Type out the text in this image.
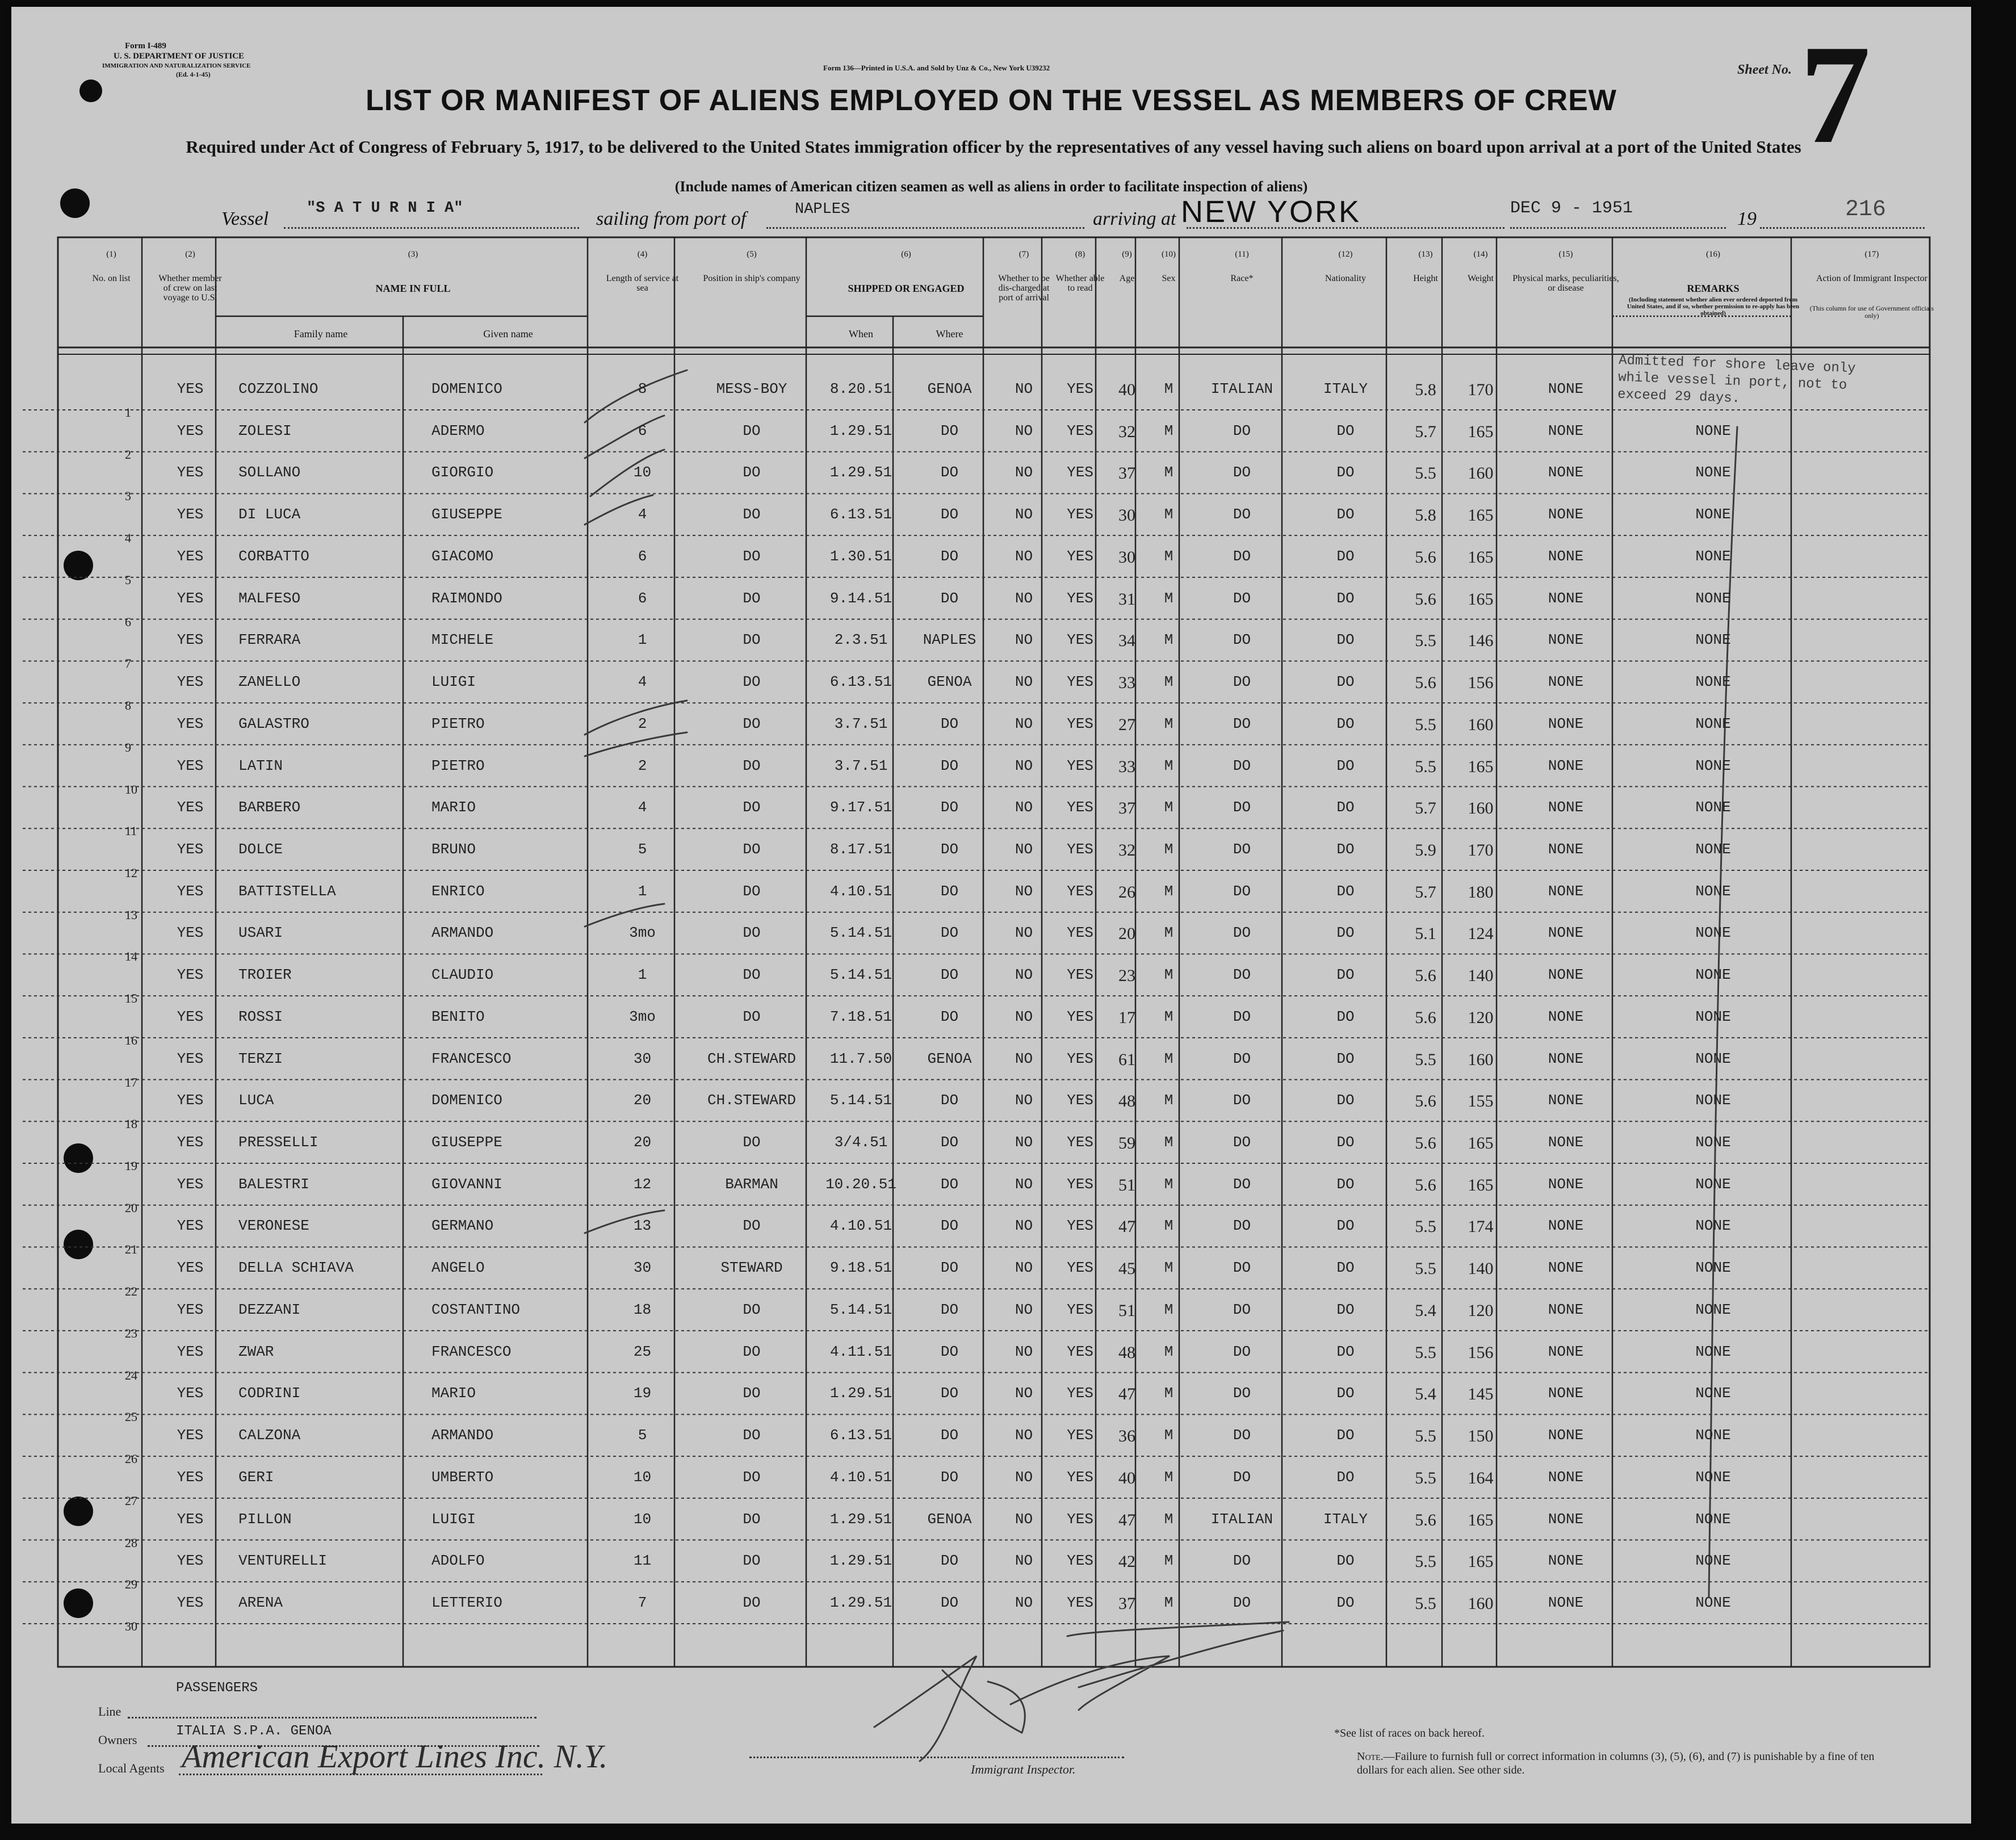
Form I-489
U. S. DEPARTMENT OF JUSTICE
IMMIGRATION AND NATURALIZATION SERVICE
(Ed. 4-1-45)
Form 136—Printed in U.S.A. and Sold by Unz & Co., New York U39232	Sheet No. 7
LIST OR MANIFEST OF ALIENS EMPLOYED ON THE VESSEL AS MEMBERS OF CREW
Required under Act of Congress of February 5, 1917, to be delivered to the United States immigration officer by the representatives of any vessel having such aliens on board upon arrival at a port of the United States
(Include names of American citizen seamen as well as aliens in order to facilitate inspection of aliens)
Vessel "S A T U R N I A"	sailing from port of	NAPLES	arriving at NEW YORK	DEC 9 - 1951	19	216
(1)
No. on list
(2)
Whether member of crew on last voyage to U.S.
(3)
NAME IN FULL
(4)
Length of service at sea
(5)
Position in ship's company
(6)
SHIPPED OR ENGAGED
(7)
Whether to be dis-charged at port of arrival
(8)
Whether able to read
(9)
Age
(10)
Sex
(11)
Race*
(12)
Nationality
(13)
Height
(14)
Weight
(15)
Physical marks, peculiarities, or disease
(16)
REMARKS
(17)
Action of Immigrant Inspector
Family name	Given name	When	Where
(Including statement whether alien ever ordered deported from United States, and if so, whether permission to re-apply has been obtained)
(This column for use of Government officials only)
Admitted for shore leave only while vessel in port, not to exceed 29 days.
1
YES	COZZOLINO	DOMENICO	8	MESS-BOY	8.20.51	GENOA	NO	YES	40	M	ITALIAN	ITALY	5.8	170	NONE
2
YES	ZOLESI	ADERMO	6	DO	1.29.51	DO	NO	YES	32	M	DO	DO	5.7	165	NONE	NONE
3
YES	SOLLANO	GIORGIO	10	DO	1.29.51	DO	NO	YES	37	M	DO	DO	5.5	160	NONE	NONE
4
YES	DI LUCA	GIUSEPPE	4	DO	6.13.51	DO	NO	YES	30	M	DO	DO	5.8	165	NONE	NONE
5
YES	CORBATTO	GIACOMO	6	DO	1.30.51	DO	NO	YES	30	M	DO	DO	5.6	165	NONE	NONE
6
YES	MALFESO	RAIMONDO	6	DO	9.14.51	DO	NO	YES	31	M	DO	DO	5.6	165	NONE	NONE
7
YES	FERRARA	MICHELE	1	DO	2.3.51	NAPLES	NO	YES	34	M	DO	DO	5.5	146	NONE	NONE
8
YES	ZANELLO	LUIGI	4	DO	6.13.51	GENOA	NO	YES	33	M	DO	DO	5.6	156	NONE	NONE
9
YES	GALASTRO	PIETRO	2	DO	3.7.51	DO	NO	YES	27	M	DO	DO	5.5	160	NONE	NONE
10
YES	LATIN	PIETRO	2	DO	3.7.51	DO	NO	YES	33	M	DO	DO	5.5	165	NONE	NONE
11
YES	BARBERO	MARIO	4	DO	9.17.51	DO	NO	YES	37	M	DO	DO	5.7	160	NONE	NONE
12
YES	DOLCE	BRUNO	5	DO	8.17.51	DO	NO	YES	32	M	DO	DO	5.9	170	NONE	NONE
13
YES	BATTISTELLA	ENRICO	1	DO	4.10.51	DO	NO	YES	26	M	DO	DO	5.7	180	NONE	NONE
14
YES	USARI	ARMANDO	3mo	DO	5.14.51	DO	NO	YES	20	M	DO	DO	5.1	124	NONE	NONE
15
YES	TROIER	CLAUDIO	1	DO	5.14.51	DO	NO	YES	23	M	DO	DO	5.6	140	NONE	NONE
16
YES	ROSSI	BENITO	3mo	DO	7.18.51	DO	NO	YES	17	M	DO	DO	5.6	120	NONE	NONE
17
YES	TERZI	FRANCESCO	30	CH.STEWARD	11.7.50	GENOA	NO	YES	61	M	DO	DO	5.5	160	NONE	NONE
18
YES	LUCA	DOMENICO	20	CH.STEWARD	5.14.51	DO	NO	YES	48	M	DO	DO	5.6	155	NONE	NONE
19
YES	PRESSELLI	GIUSEPPE	20	DO	3/4.51	DO	NO	YES	59	M	DO	DO	5.6	165	NONE	NONE
20
YES	BALESTRI	GIOVANNI	12	BARMAN	10.20.51	DO	NO	YES	51	M	DO	DO	5.6	165	NONE	NONE
21
YES	VERONESE	GERMANO	13	DO	4.10.51	DO	NO	YES	47	M	DO	DO	5.5	174	NONE	NONE
22
YES	DELLA SCHIAVA	ANGELO	30	STEWARD	9.18.51	DO	NO	YES	45	M	DO	DO	5.5	140	NONE	NONE
23
YES	DEZZANI	COSTANTINO	18	DO	5.14.51	DO	NO	YES	51	M	DO	DO	5.4	120	NONE	NONE
24
YES	ZWAR	FRANCESCO	25	DO	4.11.51	DO	NO	YES	48	M	DO	DO	5.5	156	NONE	NONE
25
YES	CODRINI	MARIO	19	DO	1.29.51	DO	NO	YES	47	M	DO	DO	5.4	145	NONE	NONE
26
YES	CALZONA	ARMANDO	5	DO	6.13.51	DO	NO	YES	36	M	DO	DO	5.5	150	NONE	NONE
27
YES	GERI	UMBERTO	10	DO	4.10.51	DO	NO	YES	40	M	DO	DO	5.5	164	NONE	NONE
28
YES	PILLON	LUIGI	10	DO	1.29.51	GENOA	NO	YES	47	M	ITALIAN	ITALY	5.6	165	NONE	NONE
29
YES	VENTURELLI	ADOLFO	11	DO	1.29.51	DO	NO	YES	42	M	DO	DO	5.5	165	NONE	NONE
30
YES	ARENA	LETTERIO	7	DO	1.29.51	DO	NO	YES	37	M	DO	DO	5.5	160	NONE	NONE
PASSENGERS
Line
Owners
ITALIA S.P.A. GENOA
Local Agents American Export Lines Inc. N.Y.	Immigrant Inspector.
*See list of races on back hereof.
Note.—Failure to furnish full or correct information in columns (3), (5), (6), and (7) is punishable by a fine of ten dollars for each alien. See other side.
